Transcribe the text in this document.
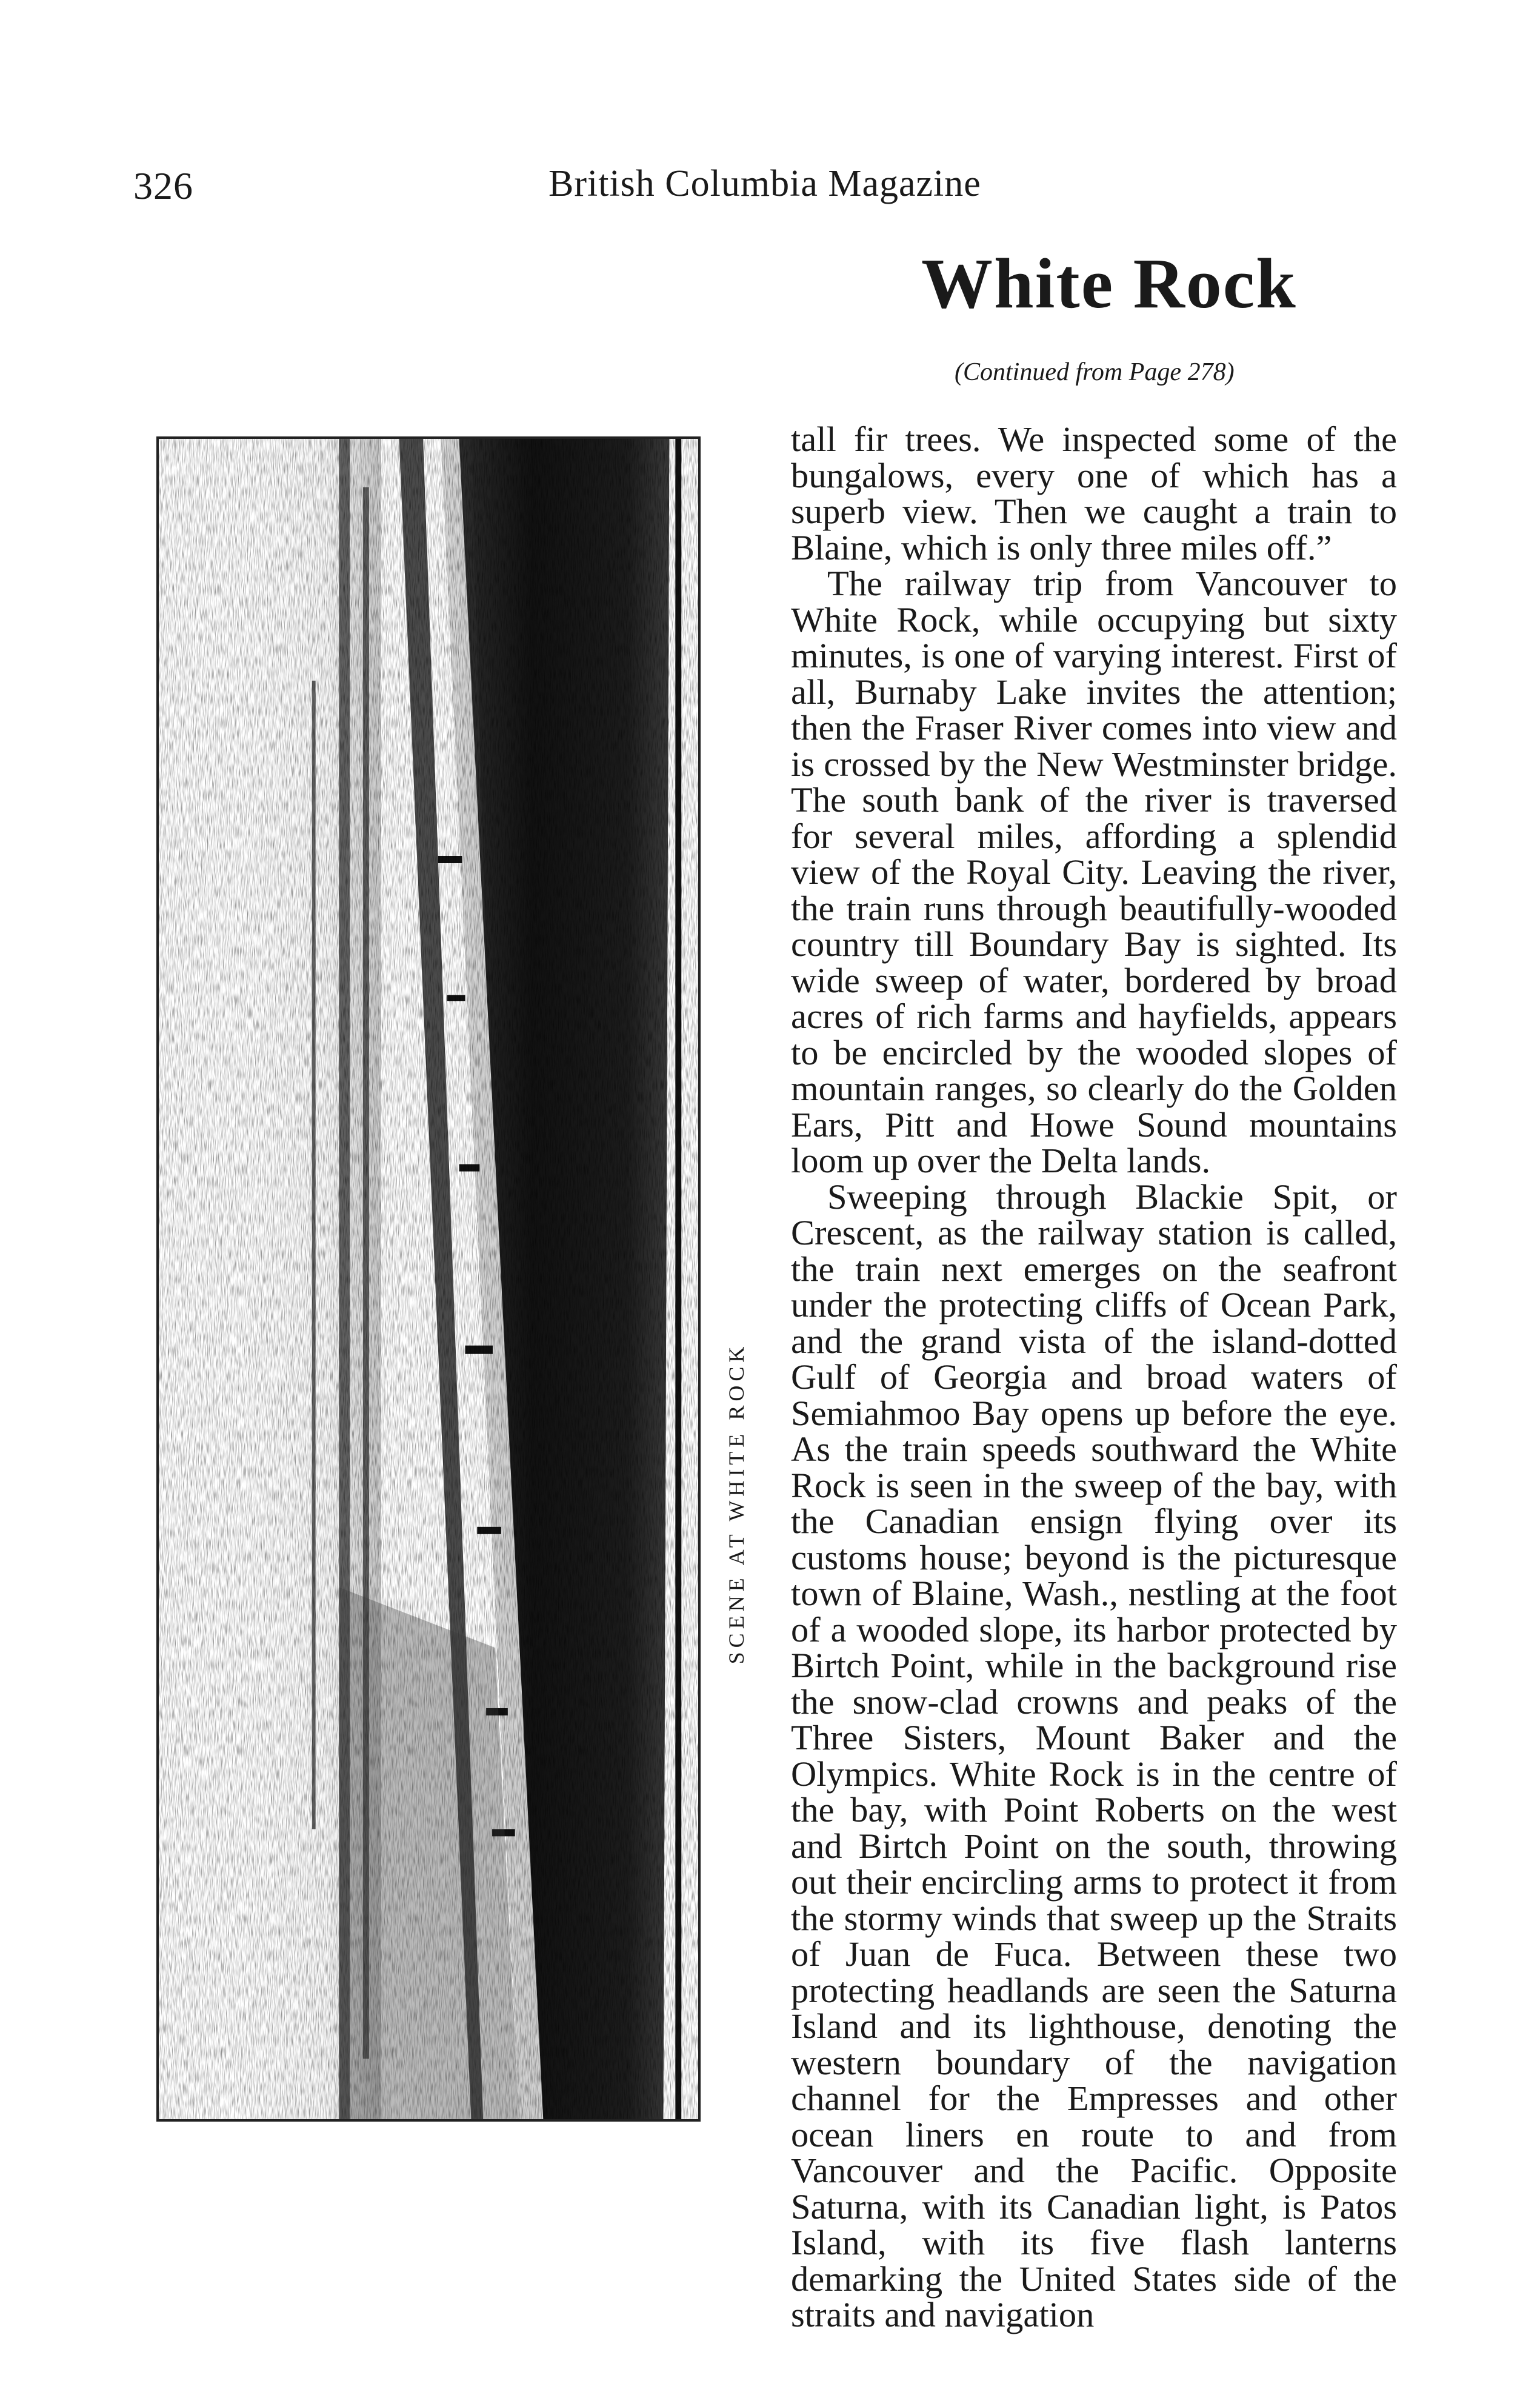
326	British Columbia Magazine
White Rock
(Continued from Page 278)
SCENE AT WHITE ROCK

tall fir trees. We inspected some of the bungalows, every one of which has a superb view. Then we caught a train to Blaine, which is only three miles off.”

The railway trip from Vancouver to White Rock, while occupying but sixty minutes, is one of varying interest. First of all, Burnaby Lake invites the attention; then the Fraser River comes into view and is crossed by the New Westminster bridge. The south bank of the river is traversed for several miles, affording a splendid view of the Royal City. Leaving the river, the train runs through beautifully-wooded country till Boundary Bay is sighted. Its wide sweep of water, bordered by broad acres of rich farms and hayfields, appears to be encircled by the wooded slopes of mountain ranges, so clearly do the Golden Ears, Pitt and Howe Sound mountains loom up over the Delta lands.

Sweeping through Blackie Spit, or Crescent, as the railway station is called, the train next emerges on the seafront under the protecting cliffs of Ocean Park, and the grand vista of the island-dotted Gulf of Georgia and broad waters of Semiahmoo Bay opens up before the eye. As the train speeds southward the White Rock is seen in the sweep of the bay, with the Canadian ensign flying over its customs house; beyond is the picturesque town of Blaine, Wash., nestling at the foot of a wooded slope, its harbor protected by Birtch Point, while in the background rise the snow-clad crowns and peaks of the Three Sisters, Mount Baker and the Olympics. White Rock is in the centre of the bay, with Point Roberts on the west and Birtch Point on the south, throwing out their encircling arms to protect it from the stormy winds that sweep up the Straits of Juan de Fuca. Between these two protecting headlands are seen the Saturna Island and its lighthouse, denoting the western boundary of the navigation channel for the Empresses and other ocean liners en route to and from Vancouver and the Pacific. Opposite Saturna, with its Canadian light, is Patos Island, with its five flash lanterns demarking the United States side of the straits and navigation
